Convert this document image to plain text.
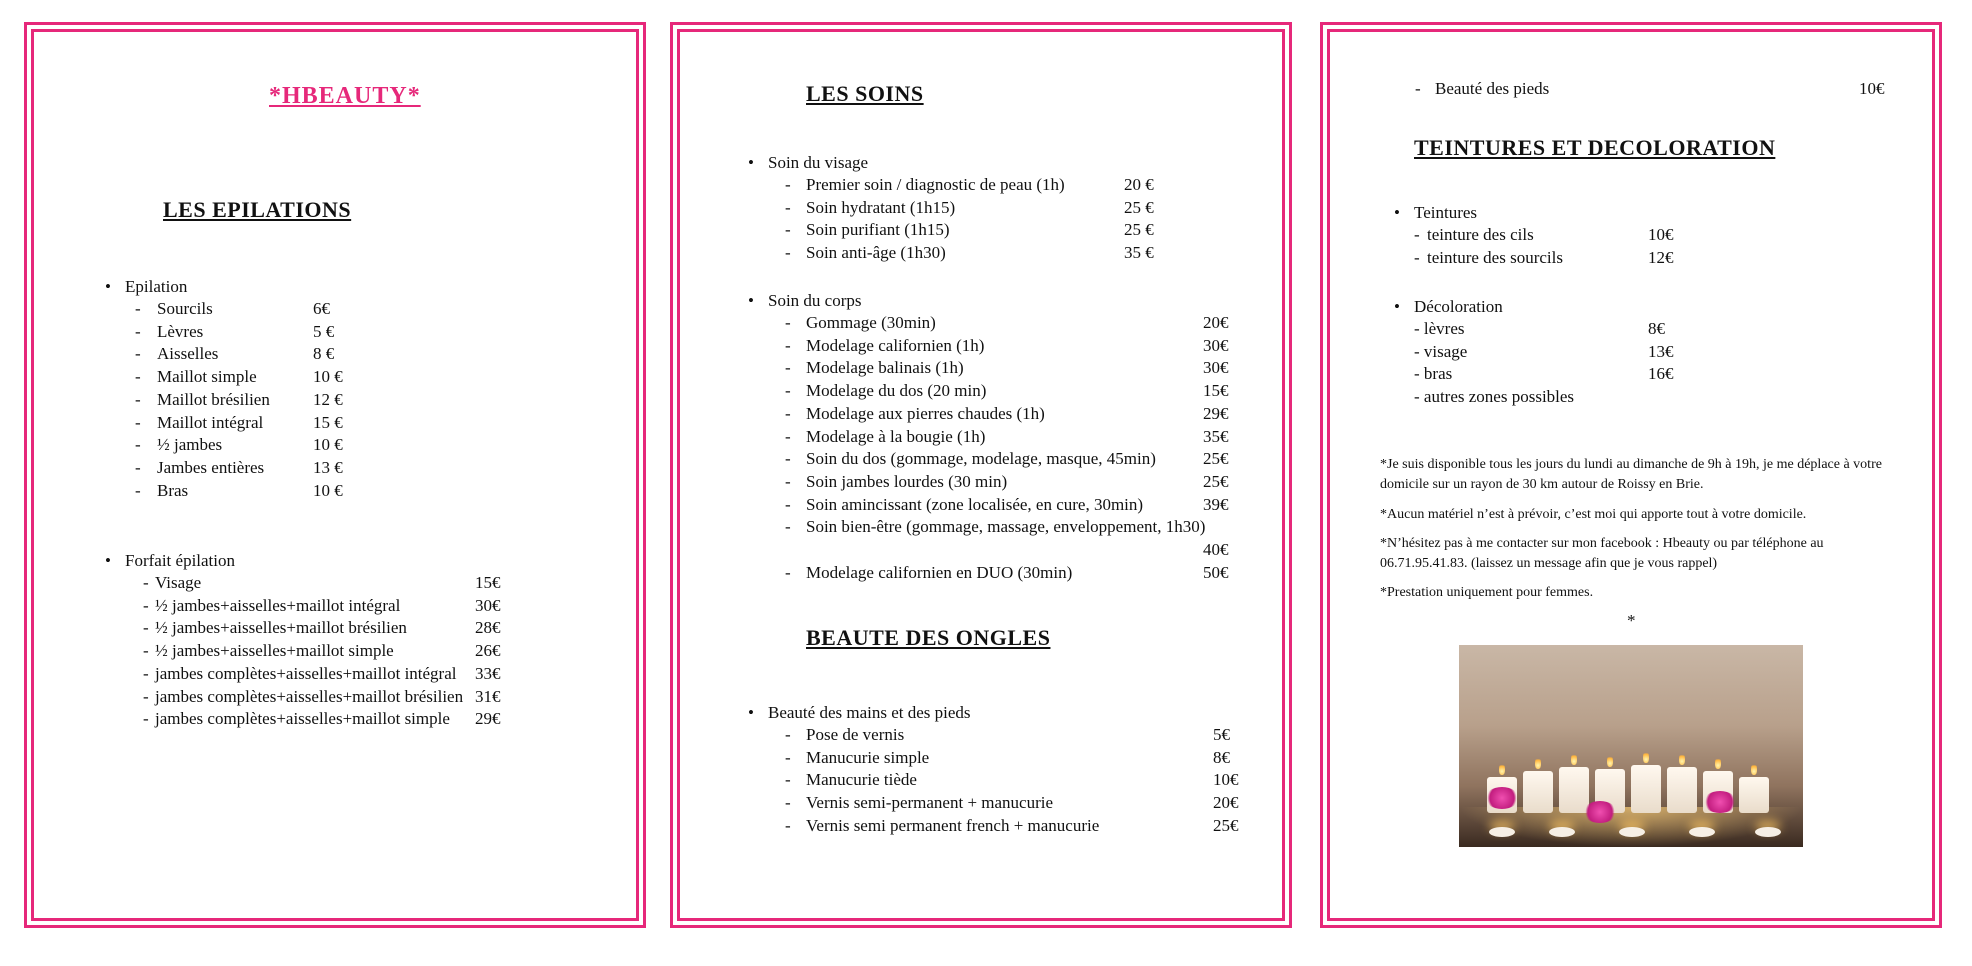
*HBEAUTY*
LES EPILATIONS
• Epilation
- Sourcils	6€
- Lèvres	5 €
- Aisselles	8 €
- Maillot simple	10 €
- Maillot brésilien	12 €
- Maillot intégral	15 €
- ½ jambes	10 €
- Jambes entières	13 €
- Bras	10 €
• Forfait épilation
- Visage	15€
- ½ jambes+aisselles+maillot intégral	30€
- ½ jambes+aisselles+maillot brésilien	28€
- ½ jambes+aisselles+maillot simple	26€
- jambes complètes+aisselles+maillot intégral 33€
- jambes complètes+aisselles+maillot brésilien 31€
- jambes complètes+aisselles+maillot simple 29€
LES SOINS
• Soin du visage
- Premier soin / diagnostic de peau (1h)	20 €
- Soin hydratant (1h15)	25 €
- Soin purifiant (1h15)	25 €
- Soin anti-âge (1h30)	35 €
• Soin du corps
- Gommage (30min)	20€
- Modelage californien (1h)	30€
- Modelage balinais (1h)	30€
- Modelage du dos (20 min)	15€
- Modelage aux pierres chaudes (1h)	29€
- Modelage à la bougie (1h)	35€
- Soin du dos (gommage, modelage, masque, 45min)	25€
- Soin jambes lourdes (30 min)	25€
- Soin amincissant (zone localisée, en cure, 30min)	39€
- Soin bien-être (gommage, massage, enveloppement, 1h30)
40€
- Modelage californien en DUO (30min)	50€
BEAUTE DES ONGLES
• Beauté des mains et des pieds
- Pose de vernis	5€
- Manucurie simple	8€
- Manucurie tiède	10€
- Vernis semi-permanent + manucurie	20€
- Vernis semi permanent french + manucurie	25€
- Beauté des pieds	10€
TEINTURES ET DECOLORATION
• Teintures
- teinture des cils	10€
- teinture des sourcils	12€
• Décoloration
- lèvres	8€
- visage	13€
- bras	16€
- autres zones possibles
*Je suis disponible tous les jours du lundi au dimanche de 9h à 19h, je me déplace à votre domicile sur un rayon de 30 km autour de Roissy en Brie.
*Aucun matériel n’est à prévoir, c’est moi qui apporte tout à votre domicile.
*N’hésitez pas à me contacter sur mon facebook : Hbeauty ou par téléphone au 06.71.95.41.83. (laissez un message afin que je vous rappel)
*Prestation uniquement pour femmes.
*
